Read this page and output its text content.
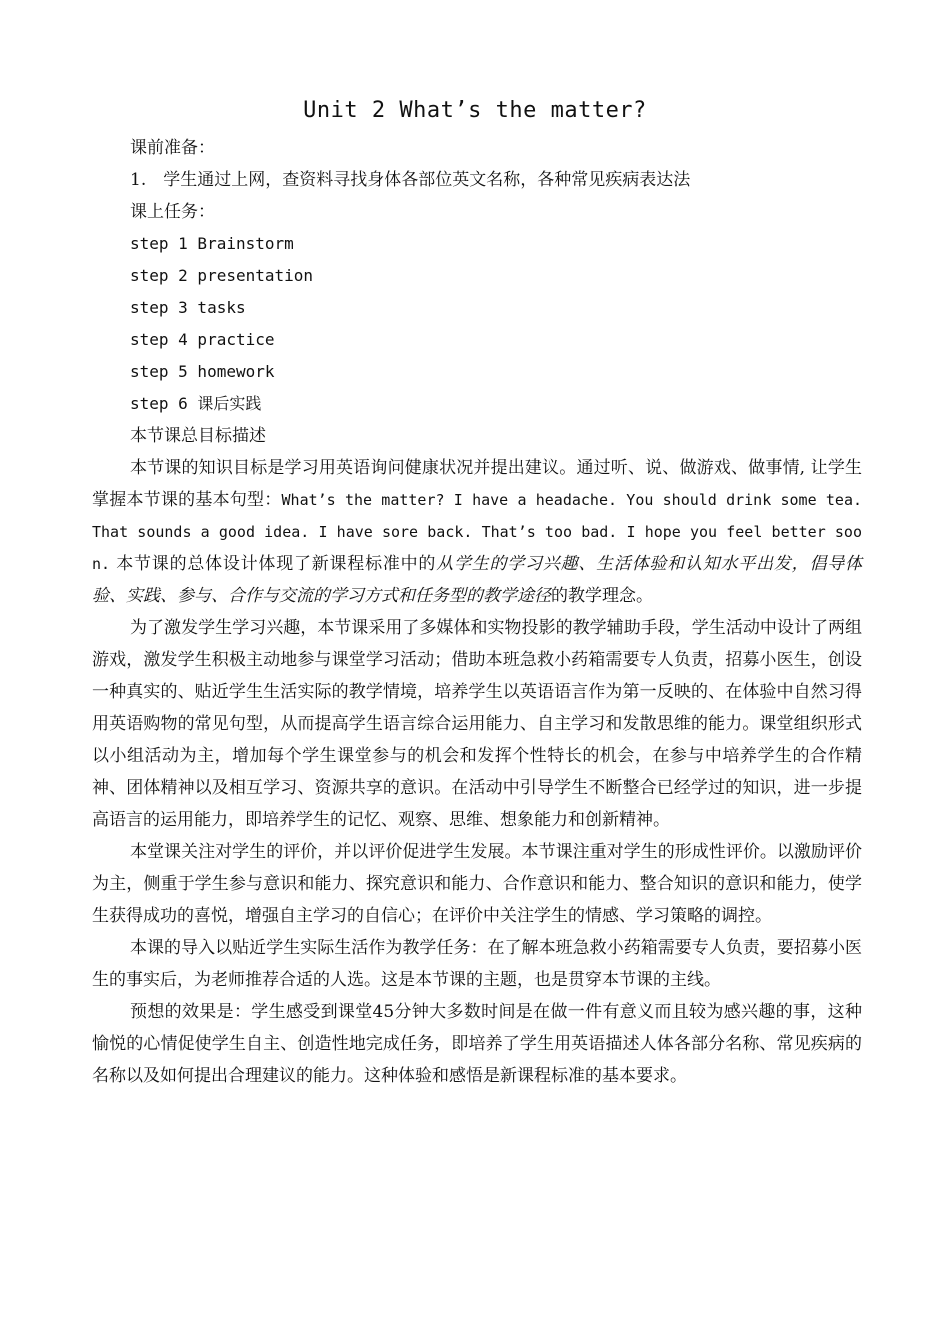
Unit 2 What’s the matter?
课前准备：
1.　学生通过上网，查资料寻找身体各部位英文名称，各种常见疾病表达法
课上任务：
step 1 Brainstorm
step 2 presentation
step 3 tasks
step 4 practice
step 5 homework
step 6 课后实践
本节课总目标描述

本节课的知识目标是学习用英语询问健康状况并提出建议。通过听、说、做游戏、做事情, 让学生掌握本节课的基本句型：What’s the matter? I have a headache. You should drink some tea. That sounds a good idea. I have sore back. That’s too bad. I hope you feel better soon. 本节课的总体设计体现了新课程标准中的从学生的学习兴趣、生活体验和认知水平出发，倡导体验、实践、参与、合作与交流的学习方式和任务型的教学途径的教学理念。

为了激发学生学习兴趣，本节课采用了多媒体和实物投影的教学辅助手段，学生活动中设计了两组游戏，激发学生积极主动地参与课堂学习活动；借助本班急救小药箱需要专人负责，招募小医生，创设一种真实的、贴近学生生活实际的教学情境，培养学生以英语语言作为第一反映的、在体验中自然习得用英语购物的常见句型，从而提高学生语言综合运用能力、自主学习和发散思维的能力。课堂组织形式以小组活动为主，增加每个学生课堂参与的机会和发挥个性特长的机会，在参与中培养学生的合作精神、团体精神以及相互学习、资源共享的意识。在活动中引导学生不断整合已经学过的知识，进一步提高语言的运用能力，即培养学生的记忆、观察、思维、想象能力和创新精神。

本堂课关注对学生的评价，并以评价促进学生发展。本节课注重对学生的形成性评价。以激励评价为主，侧重于学生参与意识和能力、探究意识和能力、合作意识和能力、整合知识的意识和能力，使学生获得成功的喜悦，增强自主学习的自信心；在评价中关注学生的情感、学习策略的调控。

本课的导入以贴近学生实际生活作为教学任务：在了解本班急救小药箱需要专人负责，要招募小医生的事实后，为老师推荐合适的人选。这是本节课的主题，也是贯穿本节课的主线。

预想的效果是：学生感受到课堂45分钟大多数时间是在做一件有意义而且较为感兴趣的事，这种愉悦的心情促使学生自主、创造性地完成任务，即培养了学生用英语描述人体各部分名称、常见疾病的名称以及如何提出合理建议的能力。这种体验和感悟是新课程标准的基本要求。
